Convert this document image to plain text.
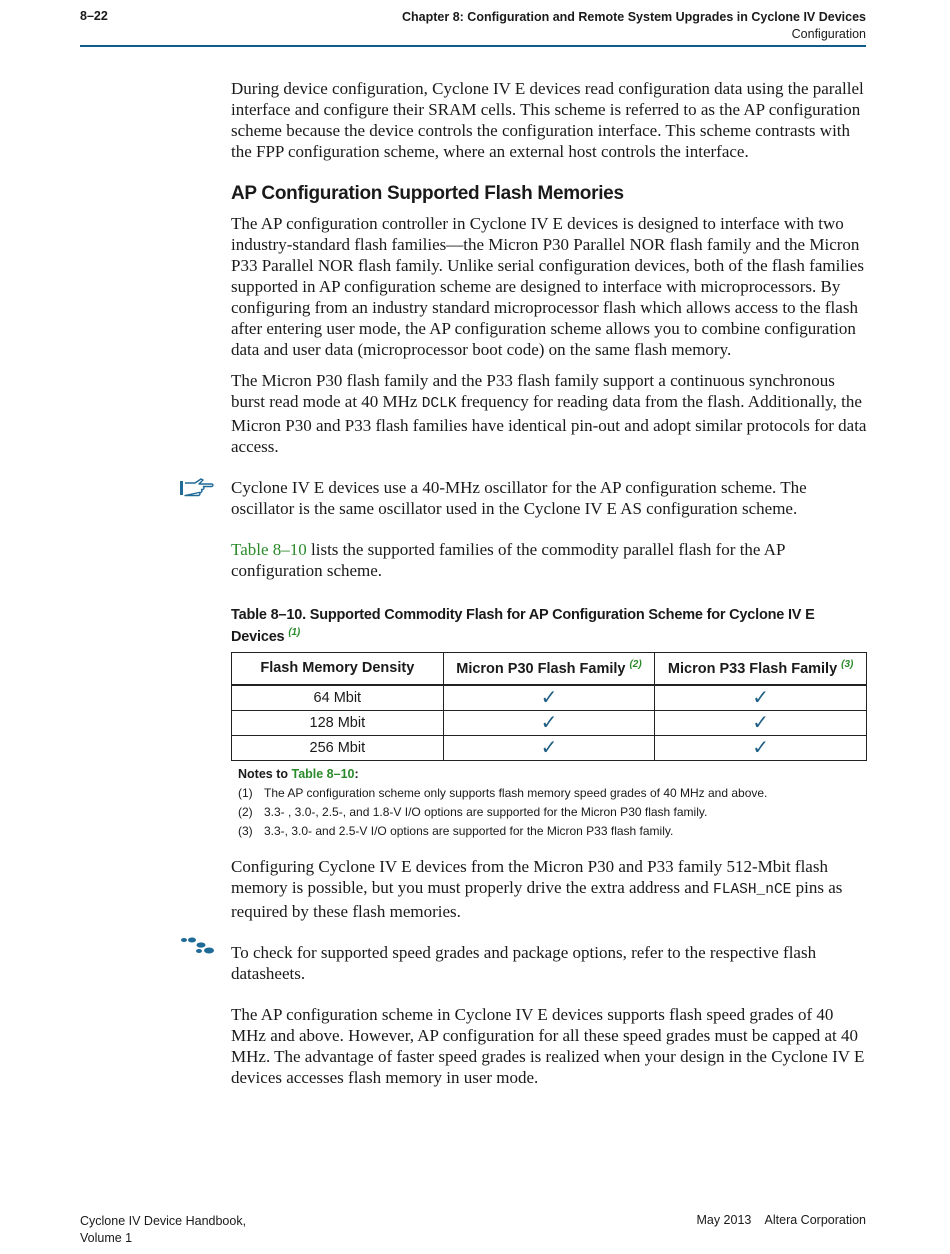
8–22	Chapter 8: Configuration and Remote System Upgrades in Cyclone IV Devices
Configuration

During device configuration, Cyclone IV E devices read configuration data using the parallel interface and configure their SRAM cells. This scheme is referred to as the AP configuration scheme because the device controls the configuration interface. This scheme contrasts with the FPP configuration scheme, where an external host controls the interface.

AP Configuration Supported Flash Memories

The AP configuration controller in Cyclone IV E devices is designed to interface with two industry-standard flash families—the Micron P30 Parallel NOR flash family and the Micron P33 Parallel NOR flash family. Unlike serial configuration devices, both of the flash families supported in AP configuration scheme are designed to interface with microprocessors. By configuring from an industry standard microprocessor flash which allows access to the flash after entering user mode, the AP configuration scheme allows you to combine configuration data and user data (microprocessor boot code) on the same flash memory.

The Micron P30 flash family and the P33 flash family support a continuous synchronous burst read mode at 40 MHz DCLK frequency for reading data from the flash. Additionally, the Micron P30 and P33 flash families have identical pin-out and adopt similar protocols for data access.

Cyclone IV E devices use a 40-MHz oscillator for the AP configuration scheme. The oscillator is the same oscillator used in the Cyclone IV E AS configuration scheme.

Table 8–10 lists the supported families of the commodity parallel flash for the AP configuration scheme.

Table 8–10. Supported Commodity Flash for AP Configuration Scheme for Cyclone IV E Devices $^{(1)}$
Flash Memory Density	Micron P30 Flash Family $^{(2)}$	Micron P33 Flash Family $^{(3)}$
64 Mbit	✓	✓
128 Mbit	✓	✓
256 Mbit	✓	✓
Notes to Table 8–10:
(1) The AP configuration scheme only supports flash memory speed grades of 40 MHz and above.
(2) 3.3- , 3.0-, 2.5-, and 1.8-V I/O options are supported for the Micron P30 flash family.
(3) 3.3-, 3.0- and 2.5-V I/O options are supported for the Micron P33 flash family.

Configuring Cyclone IV E devices from the Micron P30 and P33 family 512-Mbit flash memory is possible, but you must properly drive the extra address and FLASH_nCE pins as required by these flash memories.

To check for supported speed grades and package options, refer to the respective flash datasheets.

The AP configuration scheme in Cyclone IV E devices supports flash speed grades of 40 MHz and above. However, AP configuration for all these speed grades must be capped at 40 MHz. The advantage of faster speed grades is realized when your design in the Cyclone IV E devices accesses flash memory in user mode.

Cyclone IV Device Handbook,
Volume 1
May 2013    Altera Corporation
